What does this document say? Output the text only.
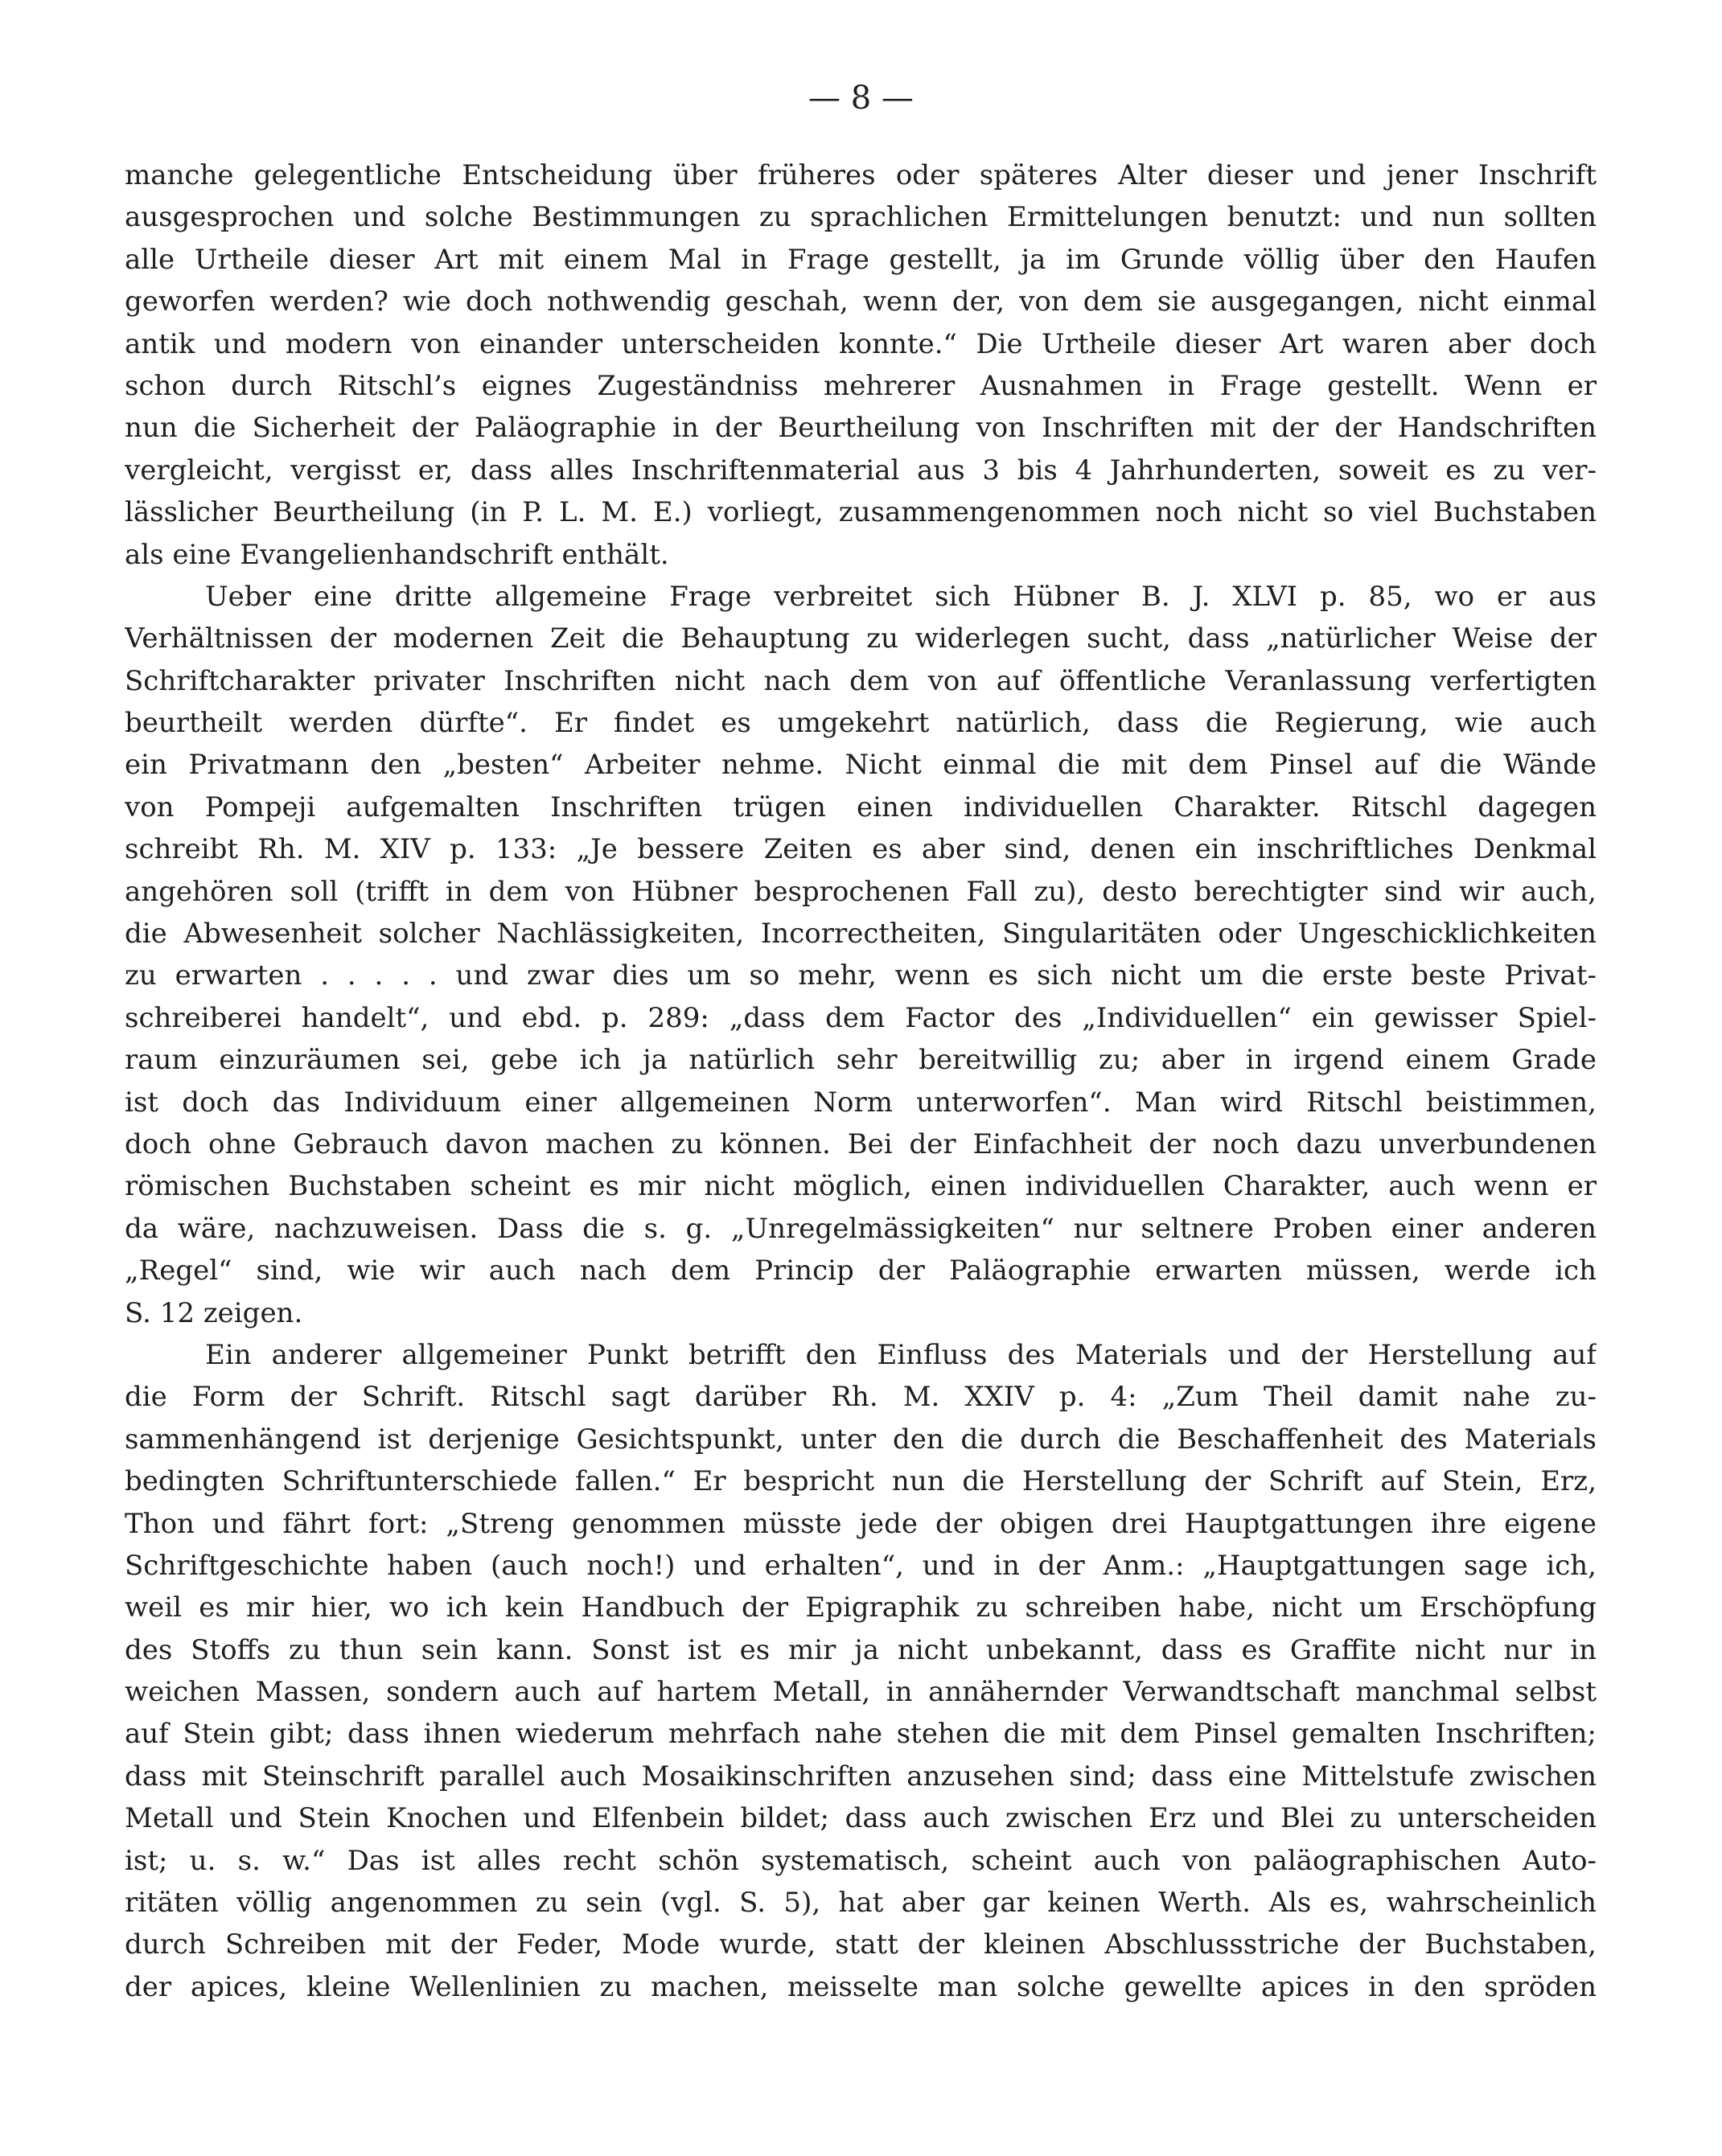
— 8 —
manche gelegentliche Entscheidung über früheres oder späteres Alter dieser und jener Inschrift
ausgesprochen und solche Bestimmungen zu sprachlichen Ermittelungen benutzt: und nun sollten
alle Urtheile dieser Art mit einem Mal in Frage gestellt, ja im Grunde völlig über den Haufen
geworfen werden? wie doch nothwendig geschah, wenn der, von dem sie ausgegangen, nicht einmal
antik und modern von einander unterscheiden konnte.“ Die Urtheile dieser Art waren aber doch
schon durch Ritschl’s eignes Zugeständniss mehrerer Ausnahmen in Frage gestellt. Wenn er
nun die Sicherheit der Paläographie in der Beurtheilung von Inschriften mit der der Handschriften
vergleicht, vergisst er, dass alles Inschriftenmaterial aus 3 bis 4 Jahrhunderten, soweit es zu ver-
lässlicher Beurtheilung (in P. L. M. E.) vorliegt, zusammengenommen noch nicht so viel Buchstaben
als eine Evangelienhandschrift enthält.
Ueber eine dritte allgemeine Frage verbreitet sich Hübner B. J. XLVI p. 85, wo er aus
Verhältnissen der modernen Zeit die Behauptung zu widerlegen sucht, dass „natürlicher Weise der
Schriftcharakter privater Inschriften nicht nach dem von auf öffentliche Veranlassung verfertigten
beurtheilt werden dürfte“. Er findet es umgekehrt natürlich, dass die Regierung, wie auch
ein Privatmann den „besten“ Arbeiter nehme. Nicht einmal die mit dem Pinsel auf die Wände
von Pompeji aufgemalten Inschriften trügen einen individuellen Charakter. Ritschl dagegen
schreibt Rh. M. XIV p. 133: „Je bessere Zeiten es aber sind, denen ein inschriftliches Denkmal
angehören soll (trifft in dem von Hübner besprochenen Fall zu), desto berechtigter sind wir auch,
die Abwesenheit solcher Nachlässigkeiten, Incorrectheiten, Singularitäten oder Ungeschicklichkeiten
zu erwarten . . . . . und zwar dies um so mehr, wenn es sich nicht um die erste beste Privat-
schreiberei handelt“, und ebd. p. 289: „dass dem Factor des „Individuellen“ ein gewisser Spiel-
raum einzuräumen sei, gebe ich ja natürlich sehr bereitwillig zu; aber in irgend einem Grade
ist doch das Individuum einer allgemeinen Norm unterworfen“. Man wird Ritschl beistimmen,
doch ohne Gebrauch davon machen zu können. Bei der Einfachheit der noch dazu unverbundenen
römischen Buchstaben scheint es mir nicht möglich, einen individuellen Charakter, auch wenn er
da wäre, nachzuweisen. Dass die s. g. „Unregelmässigkeiten“ nur seltnere Proben einer anderen
„Regel“ sind, wie wir auch nach dem Princip der Paläographie erwarten müssen, werde ich
S. 12 zeigen.
Ein anderer allgemeiner Punkt betrifft den Einfluss des Materials und der Herstellung auf
die Form der Schrift. Ritschl sagt darüber Rh. M. XXIV p. 4: „Zum Theil damit nahe zu-
sammenhängend ist derjenige Gesichtspunkt, unter den die durch die Beschaffenheit des Materials
bedingten Schriftunterschiede fallen.“ Er bespricht nun die Herstellung der Schrift auf Stein, Erz,
Thon und fährt fort: „Streng genommen müsste jede der obigen drei Hauptgattungen ihre eigene
Schriftgeschichte haben (auch noch!) und erhalten“, und in der Anm.: „Hauptgattungen sage ich,
weil es mir hier, wo ich kein Handbuch der Epigraphik zu schreiben habe, nicht um Erschöpfung
des Stoffs zu thun sein kann. Sonst ist es mir ja nicht unbekannt, dass es Graffite nicht nur in
weichen Massen, sondern auch auf hartem Metall, in annähernder Verwandtschaft manchmal selbst
auf Stein gibt; dass ihnen wiederum mehrfach nahe stehen die mit dem Pinsel gemalten Inschriften;
dass mit Steinschrift parallel auch Mosaikinschriften anzusehen sind; dass eine Mittelstufe zwischen
Metall und Stein Knochen und Elfenbein bildet; dass auch zwischen Erz und Blei zu unterscheiden
ist; u. s. w.“ Das ist alles recht schön systematisch, scheint auch von paläographischen Auto-
ritäten völlig angenommen zu sein (vgl. S. 5), hat aber gar keinen Werth. Als es, wahrscheinlich
durch Schreiben mit der Feder, Mode wurde, statt der kleinen Abschlussstriche der Buchstaben,
der apices, kleine Wellenlinien zu machen, meisselte man solche gewellte apices in den spröden
